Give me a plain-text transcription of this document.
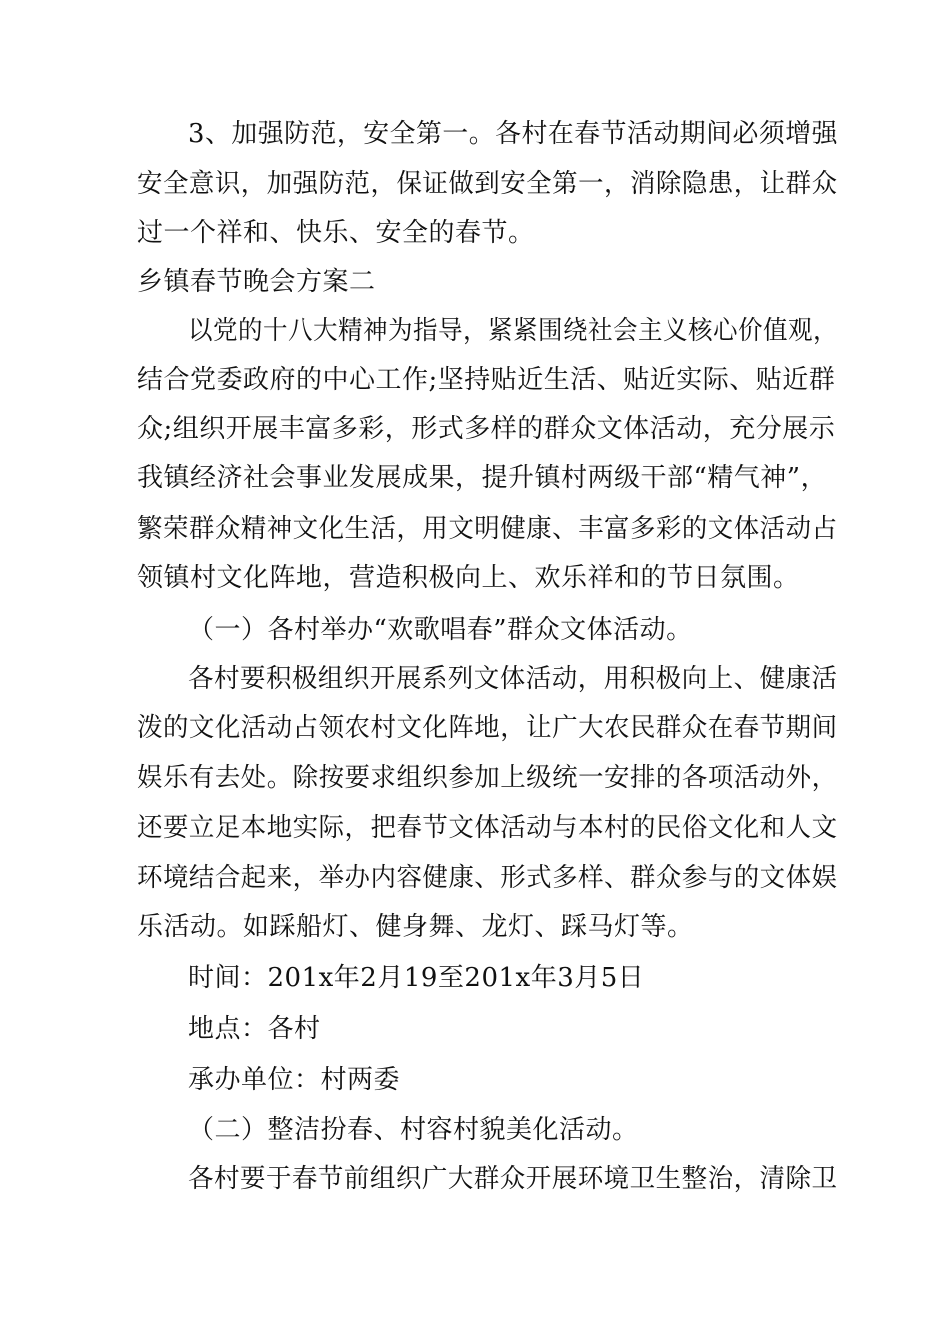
3、加强防范，安全第一。各村在春节活动期间必须增强

安全意识，加强防范，保证做到安全第一，消除隐患，让群众

过一个祥和、快乐、安全的春节。

乡镇春节晚会方案二

以党的十八大精神为指导，紧紧围绕社会主义核心价值观，

结合党委政府的中心工作;坚持贴近生活、贴近实际、贴近群

众;组织开展丰富多彩，形式多样的群众文体活动，充分展示

我镇经济社会事业发展成果，提升镇村两级干部“精气神”，

繁荣群众精神文化生活，用文明健康、丰富多彩的文体活动占

领镇村文化阵地，营造积极向上、欢乐祥和的节日氛围。

（一）各村举办“欢歌唱春”群众文体活动。

各村要积极组织开展系列文体活动，用积极向上、健康活

泼的文化活动占领农村文化阵地，让广大农民群众在春节期间

娱乐有去处。除按要求组织参加上级统一安排的各项活动外，

还要立足本地实际，把春节文体活动与本村的民俗文化和人文

环境结合起来，举办内容健康、形式多样、群众参与的文体娱

乐活动。如踩船灯、健身舞、龙灯、踩马灯等。

时间：201x年2月19至201x年3月5日

地点：各村

承办单位：村两委

（二）整洁扮春、村容村貌美化活动。

各村要于春节前组织广大群众开展环境卫生整治，清除卫
